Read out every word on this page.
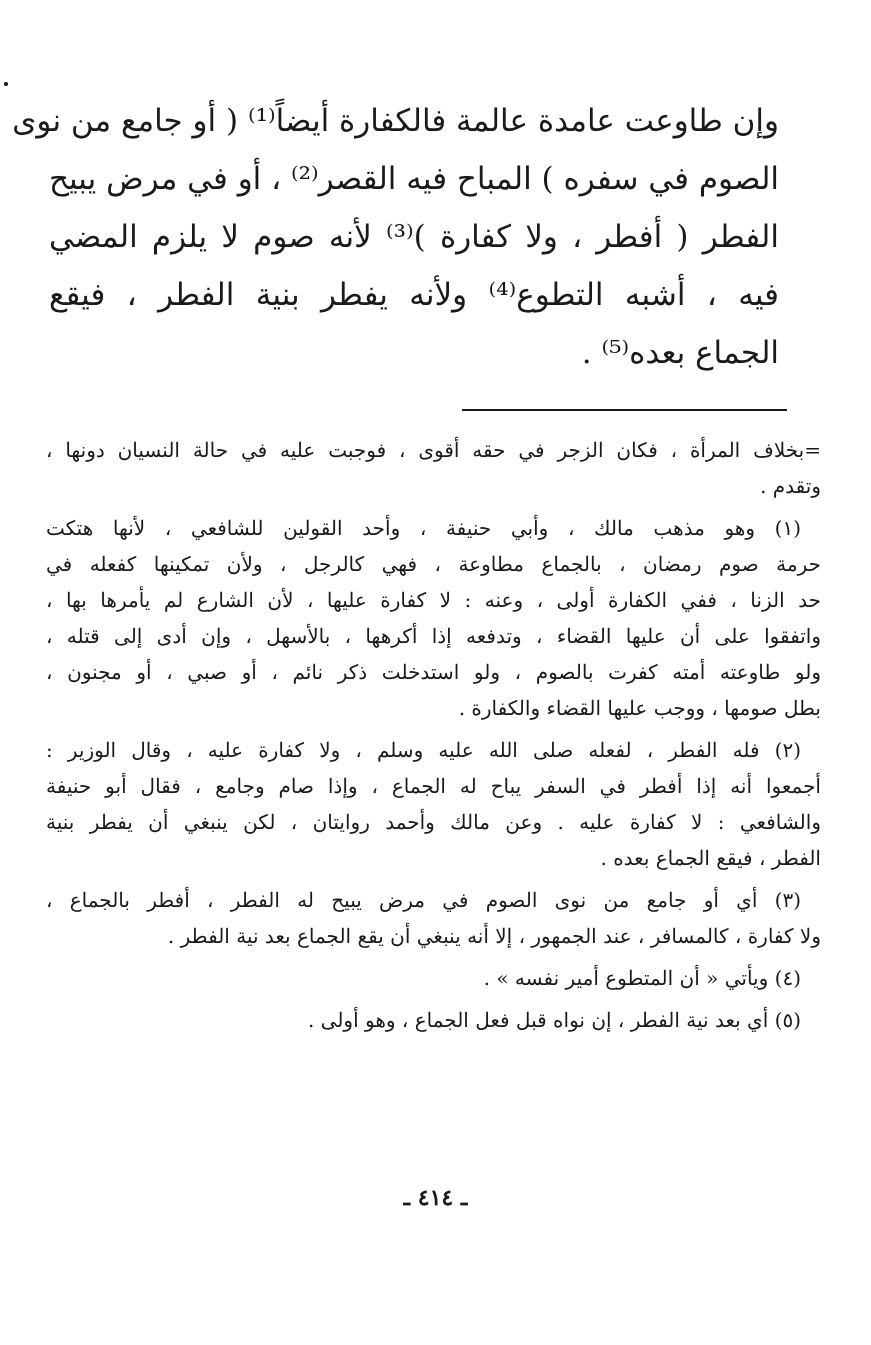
وإن طاوعت عامدة عالمة فالكفارة أيضاً⁽¹⁾ ( أو جامع من نوى
الصوم في سفره ) المباح فيه القصر⁽²⁾ ، أو في مرض يبيح
الفطر ( أفطر ، ولا كفارة )⁽³⁾ لأنه صوم لا يلزم المضي
فيه ، أشبه التطوع⁽⁴⁾ ولأنه يفطر بنية الفطر ، فيقع
الجماع بعده⁽⁵⁾ .
=بخلاف المرأة ، فكان الزجر في حقه أقوى ، فوجبت عليه في حالة النسيان دونها ،
وتقدم .
(١) وهو مذهب مالك ، وأبي حنيفة ، وأحد القولين للشافعي ، لأنها هتكت
حرمة صوم رمضان ، بالجماع مطاوعة ، فهي كالرجل ، ولأن تمكينها كفعله في
حد الزنا ، ففي الكفارة أولى ، وعنه : لا كفارة عليها ، لأن الشارع لم يأمرها بها ،
واتفقوا على أن عليها القضاء ، وتدفعه إذا أكرهها ، بالأسهل ، وإن أدى إلى قتله ،
ولو طاوعته أمته كفرت بالصوم ، ولو استدخلت ذكر نائم ، أو صبي ، أو مجنون ،
بطل صومها ، ووجب عليها القضاء والكفارة .
(٢) فله الفطر ، لفعله صلى الله عليه وسلم ، ولا كفارة عليه ، وقال الوزير :
أجمعوا أنه إذا أفطر في السفر يباح له الجماع ، وإذا صام وجامع ، فقال أبو حنيفة
والشافعي : لا كفارة عليه . وعن مالك وأحمد روايتان ، لكن ينبغي أن يفطر بنية
الفطر ، فيقع الجماع بعده .
(٣) أي أو جامع من نوى الصوم في مرض يبيح له الفطر ، أفطر بالجماع ،
ولا كفارة ، كالمسافر ، عند الجمهور ، إلا أنه ينبغي أن يقع الجماع بعد نية الفطر .
(٤) ويأتي « أن المتطوع أمير نفسه » .
(٥) أي بعد نية الفطر ، إن نواه قبل فعل الجماع ، وهو أولى .
ـ ٤١٤ ـ
